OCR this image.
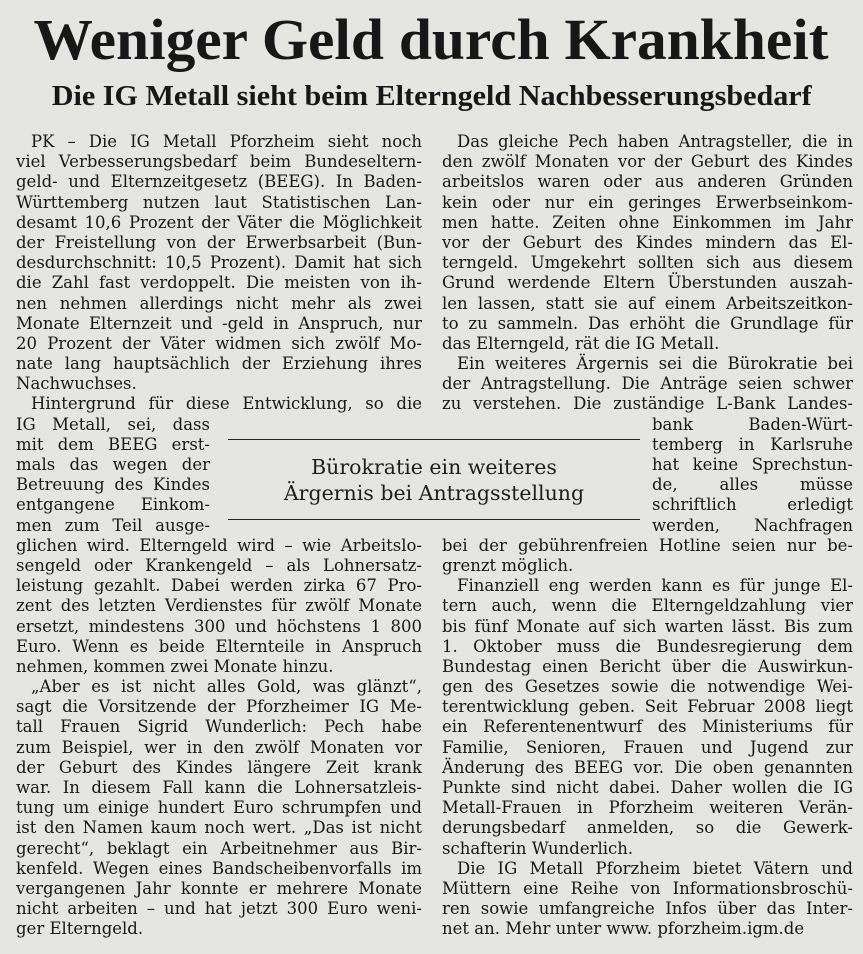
Weniger Geld durch Krankheit
Die IG Metall sieht beim Elterngeld Nachbesserungsbedarf
PK – Die IG Metall Pforzheim sieht noch
viel Verbesserungsbedarf beim Bundeseltern-
geld- und Elternzeitgesetz (BEEG). In Baden-
Württemberg nutzen laut Statistischen Lan-
desamt 10,6 Prozent der Väter die Möglichkeit
der Freistellung von der Erwerbsarbeit (Bun-
desdurchschnitt: 10,5 Prozent). Damit hat sich
die Zahl fast verdoppelt. Die meisten von ih-
nen nehmen allerdings nicht mehr als zwei
Monate Elternzeit und -geld in Anspruch, nur
20 Prozent der Väter widmen sich zwölf Mo-
nate lang hauptsächlich der Erziehung ihres
Nachwuchses.
Hintergrund für diese Entwicklung, so die
IG Metall, sei, dass
mit dem BEEG erst-
mals das wegen der
Betreuung des Kindes
entgangene Einkom-
men zum Teil ausge-
glichen wird. Elterngeld wird – wie Arbeitslo-
sengeld oder Krankengeld – als Lohnersatz-
leistung gezahlt. Dabei werden zirka 67 Pro-
zent des letzten Verdienstes für zwölf Monate
ersetzt, mindestens 300 und höchstens 1 800
Euro. Wenn es beide Elternteile in Anspruch
nehmen, kommen zwei Monate hinzu.
„Aber es ist nicht alles Gold, was glänzt“,
sagt die Vorsitzende der Pforzheimer IG Me-
tall Frauen Sigrid Wunderlich: Pech habe
zum Beispiel, wer in den zwölf Monaten vor
der Geburt des Kindes längere Zeit krank
war. In diesem Fall kann die Lohnersatzleis-
tung um einige hundert Euro schrumpfen und
ist den Namen kaum noch wert. „Das ist nicht
gerecht“, beklagt ein Arbeitnehmer aus Bir-
kenfeld. Wegen eines Bandscheibenvorfalls im
vergangenen Jahr konnte er mehrere Monate
nicht arbeiten – und hat jetzt 300 Euro weni-
ger Elterngeld.
Das gleiche Pech haben Antragsteller, die in
den zwölf Monaten vor der Geburt des Kindes
arbeitslos waren oder aus anderen Gründen
kein oder nur ein geringes Erwerbseinkom-
men hatte. Zeiten ohne Einkommen im Jahr
vor der Geburt des Kindes mindern das El-
terngeld. Umgekehrt sollten sich aus diesem
Grund werdende Eltern Überstunden auszah-
len lassen, statt sie auf einem Arbeitszeitkon-
to zu sammeln. Das erhöht die Grundlage für
das Elterngeld, rät die IG Metall.
Ein weiteres Ärgernis sei die Bürokratie bei
der Antragstellung. Die Anträge seien schwer
zu verstehen. Die zuständige L-Bank Landes-
bank Baden-Würt-
temberg in Karlsruhe
hat keine Sprechstun-
de, alles müsse
schriftlich erledigt
werden, Nachfragen
bei der gebührenfreien Hotline seien nur be-
grenzt möglich.
Finanziell eng werden kann es für junge El-
tern auch, wenn die Elterngeldzahlung vier
bis fünf Monate auf sich warten lässt. Bis zum
1. Oktober muss die Bundesregierung dem
Bundestag einen Bericht über die Auswirkun-
gen des Gesetzes sowie die notwendige Wei-
terentwicklung geben. Seit Februar 2008 liegt
ein Referentenentwurf des Ministeriums für
Familie, Senioren, Frauen und Jugend zur
Änderung des BEEG vor. Die oben genannten
Punkte sind nicht dabei. Daher wollen die IG
Metall-Frauen in Pforzheim weiteren Verän-
derungsbedarf anmelden, so die Gewerk-
schafterin Wunderlich.
Die IG Metall Pforzheim bietet Vätern und
Müttern eine Reihe von Informationsbroschü-
ren sowie umfangreiche Infos über das Inter-
net an. Mehr unter www. pforzheim.igm.de
Bürokratie ein weiteres
Ärgernis bei Antragsstellung
